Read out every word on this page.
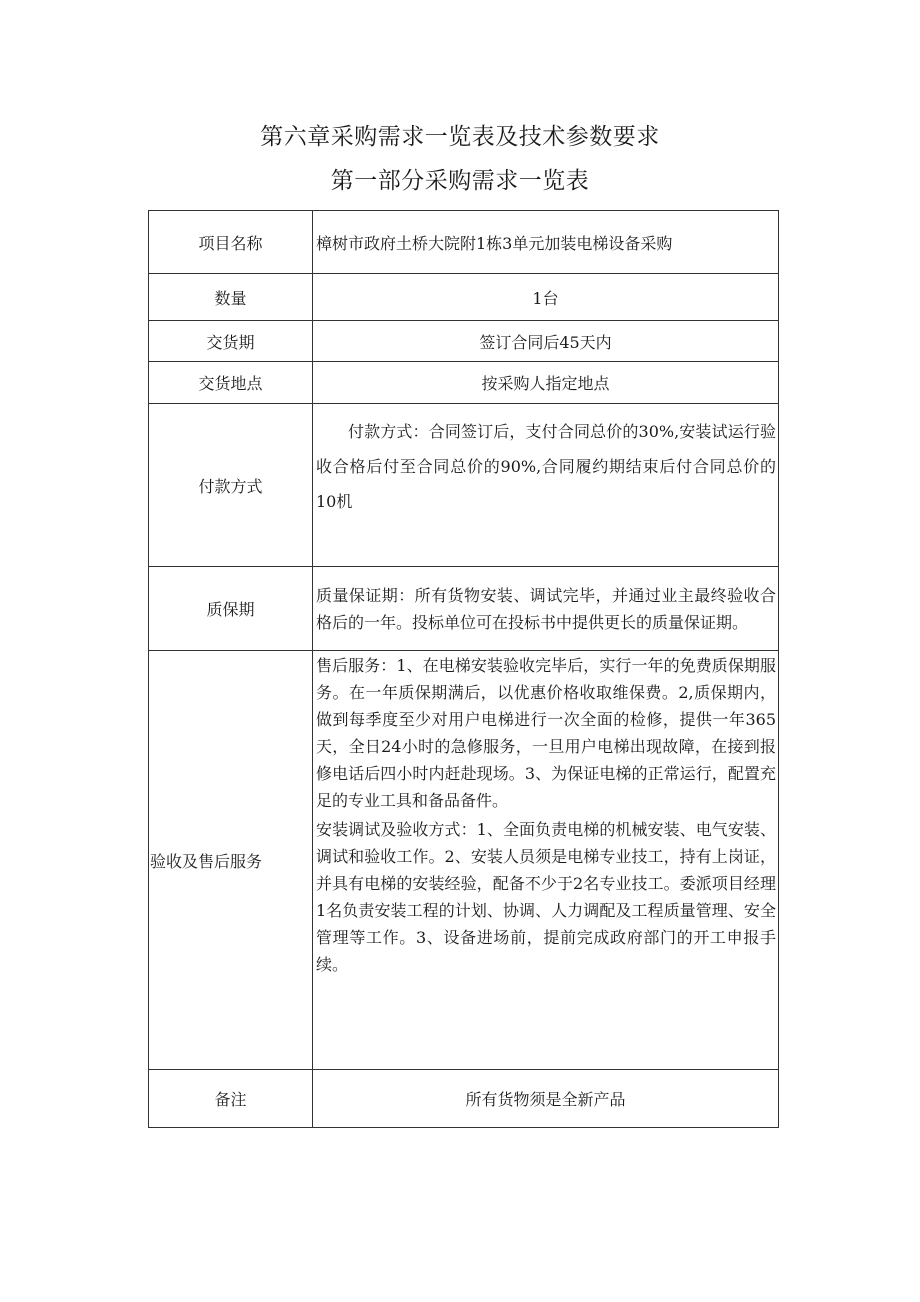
第六章采购需求一览表及技术参数要求
第一部分采购需求一览表
项目名称	樟树市政府土桥大院附1栋3单元加装电梯设备采购
数量	1台
交货期	签订合同后45天内
交货地点	按采购人指定地点
付款方式	付款方式：合同签订后，支付合同总价的30%,安装试运行验收合格后付至合同总价的90%,合同履约期结束后付合同总价的10机

质保期	质量保证期：所有货物安装、调试完毕，并通过业主最终验收合格后的一年。投标单位可在投标书中提供更长的质量保证期。

验收及售后服务	售后服务：1、在电梯安装验收完毕后，实行一年的免费质保期服务。在一年质保期满后，以优惠价格收取维保费。2,质保期内，做到每季度至少对用户电梯进行一次全面的检修，提供一年365天，全日24小时的急修服务，一旦用户电梯出现故障，在接到报修电话后四小时内赶赴现场。3、为保证电梯的正常运行，配置充足的专业工具和备品备件。
安装调试及验收方式：1、全面负责电梯的机械安装、电气安装、调试和验收工作。2、安装人员须是电梯专业技工，持有上岗证，并具有电梯的安装经验，配备不少于2名专业技工。委派项目经理1名负责安装工程的计划、协调、人力调配及工程质量管理、安全管理等工作。3、设备进场前，提前完成政府部门的开工申报手续。

备注	所有货物须是全新产品
